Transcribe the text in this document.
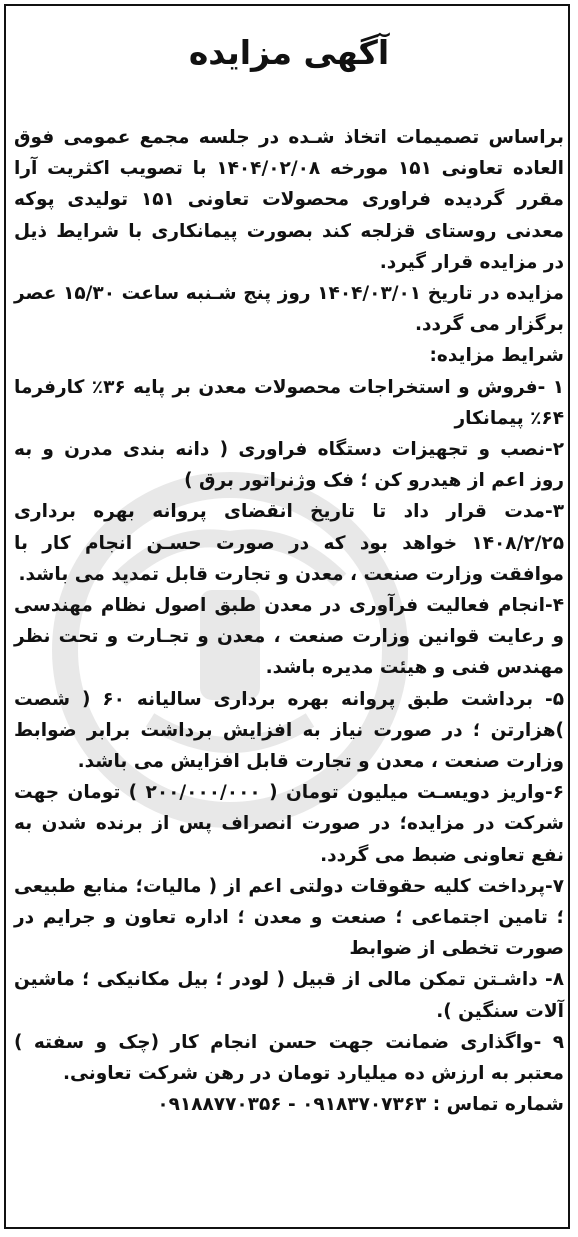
آگهی مزایده

براساس تصمیمات اتخاذ شـده در جلسه مجمع عمومی فوق العاده تعاونی ۱۵۱ مورخه ۱۴۰۴/۰۲/۰۸ با تصویب اکثریت آرا مقرر گردیده فراوری محصولات تعاونی ۱۵۱ تولیدی پوکه معدنی روستای قزلجه کند بصورت پیمانکاری با شرایط ذیل در مزایده قرار گیرد.

مزایده در تاریخ ۱۴۰۴/۰۳/۰۱ روز پنج شـنبه ساعت ۱۵/۳۰ عصر برگزار می گردد.

شرایط مزایده:

۱ -فروش و استخراجات محصولات معدن بر پایه ۳۶٪ کارفرما ۶۴٪ پیمانکار

۲-نصب و تجهیزات دستگاه فراوری ( دانه بندی مدرن و به روز اعم از هیدرو کن ؛ فک وژنراتور برق )

۳-مدت قرار داد تا تاریخ انقضای پروانه بهره برداری ۱۴۰۸/۲/۲۵ خواهد بود که در صورت حسـن انجام کار با موافقت وزارت صنعت ، معدن و تجارت قابل تمدید می باشد.

۴-انجام فعالیت فرآوری در معدن طبق اصول نظام مهندسی و رعایت قوانین وزارت صنعت ، معدن و تجـارت و تحت نظر مهندس فنی و هیئت مدیره باشد.

۵- برداشت طبق پروانه بهره برداری سالیانه ۶۰ ( شصت )هزارتن ؛ در صورت نیاز به افزایش برداشت برابر ضوابط وزارت صنعت ، معدن و تجارت قابل افزایش می باشد.

۶-واریز دویسـت میلیون تومان ( ۲۰۰/۰۰۰/۰۰۰ ) تومان جهت شرکت در مزایده؛ در صورت انصراف پس از برنده شدن به نفع تعاونی ضبط می گردد.

۷-پرداخت کلیه حقوقات دولتی اعم از ( مالیات؛ منابع طبیعی ؛ تامین اجتماعی ؛ صنعت و معدن ؛ اداره تعاون و جرایم در صورت تخطی از ضوابط

۸- داشـتن تمکن مالی از قبیل ( لودر ؛ بیل مکانیکی ؛ ماشین آلات سنگین ).

۹ -واگذاری ضمانت جهت حسن انجام کار (چک و سفته ) معتبر به ارزش ده میلیارد تومان در رهن شرکت تعاونی.

شماره تماس : ۰۹۱۸۳۷۰۷۳۶۳ - ۰۹۱۸۸۷۷۰۳۵۶
